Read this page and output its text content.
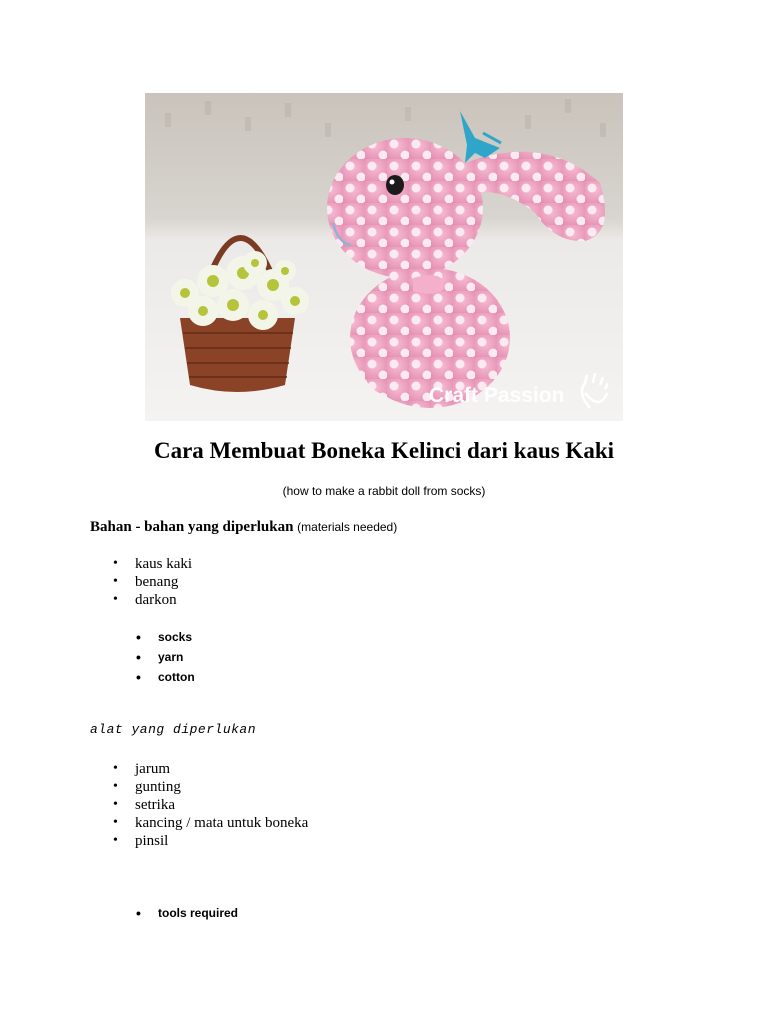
Craft Passion
Cara Membuat Boneka Kelinci dari kaus Kaki
(how to make a rabbit doll from socks)
Bahan - bahan yang diperlukan (materials needed)
• kaus kaki
• benang
• darkon
• socks
• yarn
• cotton
alat yang diperlukan
• jarum
• gunting
• setrika
• kancing / mata untuk boneka
• pinsil
• tools required
